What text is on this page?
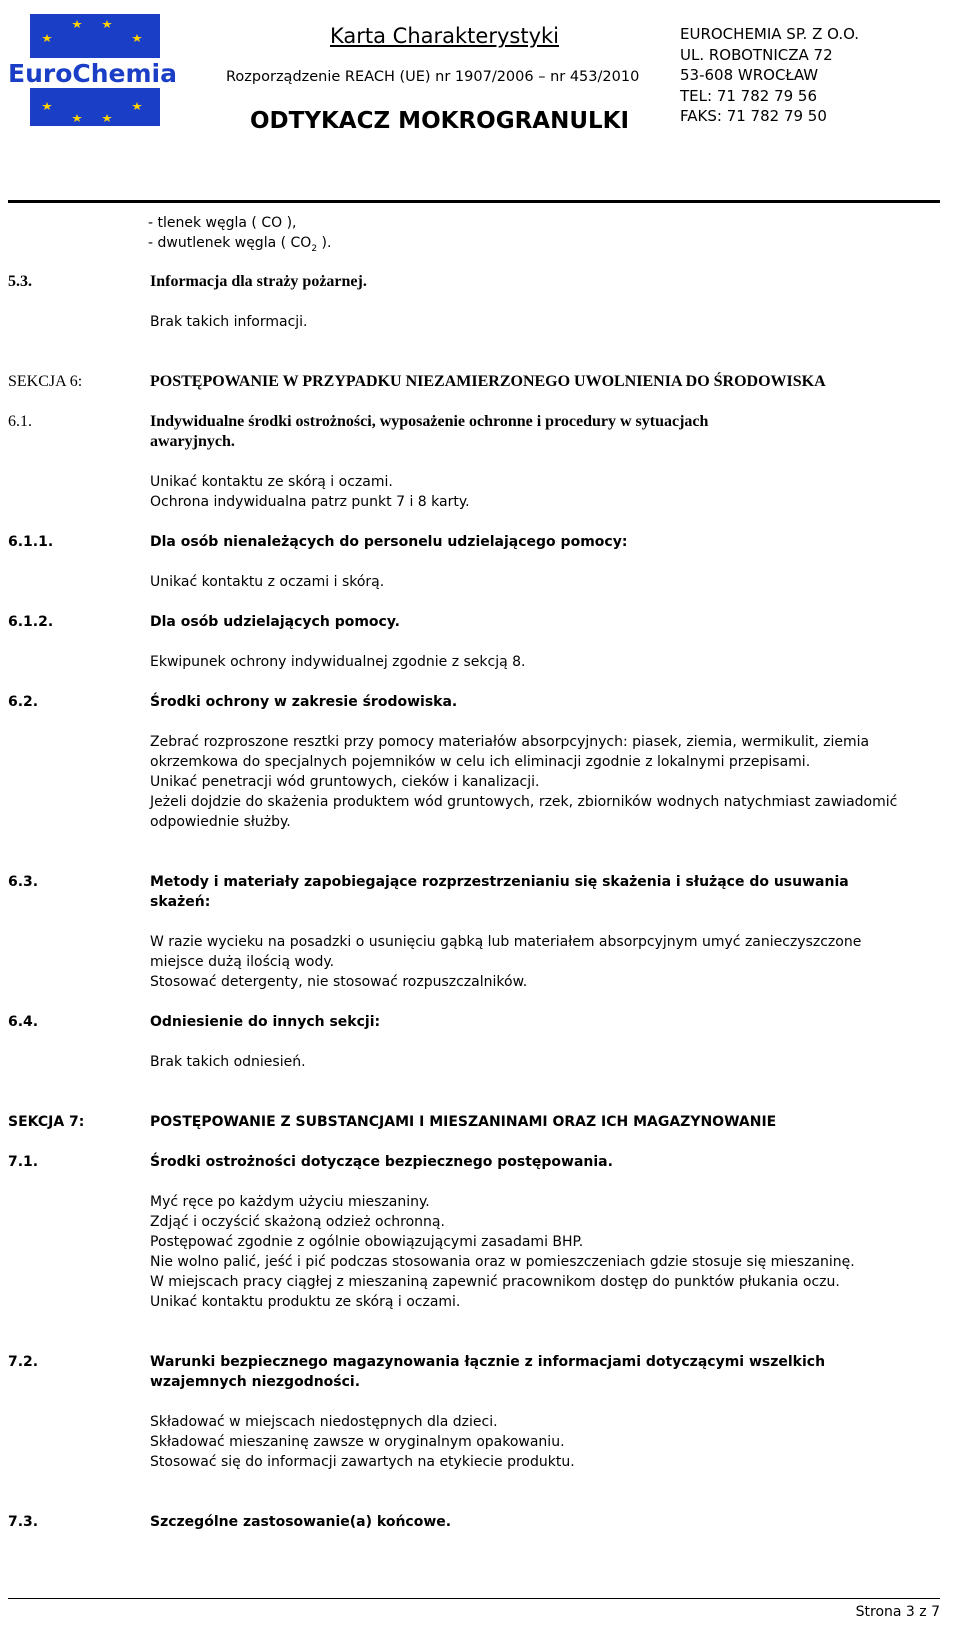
EuroChemia
Karta Charakterystyki
Rozporządzenie REACH (UE) nr 1907/2006 – nr 453/2010
ODTYKACZ MOKROGRANULKI
EUROCHEMIA SP. Z O.O.
UL. ROBOTNICZA 72
53-608 WROCŁAW
TEL: 71 782 79 56
FAKS: 71 782 79 50
- tlenek węgla ( CO ),
- dwutlenek węgla ( $CO_2$ ).
5.3.	Informacja dla straży pożarnej.
Brak takich informacji.
SEKCJA 6:	POSTĘPOWANIE W PRZYPADKU NIEZAMIERZONEGO UWOLNIENIA DO ŚRODOWISKA
6.1.	Indywidualne środki ostrożności, wyposażenie ochronne i procedury w sytuacjach
awaryjnych.
Unikać kontaktu ze skórą i oczami.
Ochrona indywidualna patrz punkt 7 i 8 karty.
6.1.1.	Dla osób nienależących do personelu udzielającego pomocy:
Unikać kontaktu z oczami i skórą.
6.1.2.	Dla osób udzielających pomocy.
Ekwipunek ochrony indywidualnej zgodnie z sekcją 8.
6.2.	Środki ochrony w zakresie środowiska.
Zebrać rozproszone resztki przy pomocy materiałów absorpcyjnych: piasek, ziemia, wermikulit, ziemia
okrzemkowa do specjalnych pojemników w celu ich eliminacji zgodnie z lokalnymi przepisami.
Unikać penetracji wód gruntowych, cieków i kanalizacji.
Jeżeli dojdzie do skażenia produktem wód gruntowych, rzek, zbiorników wodnych natychmiast zawiadomić
odpowiednie służby.
6.3.	Metody i materiały zapobiegające rozprzestrzenianiu się skażenia i służące do usuwania
skażeń:
W razie wycieku na posadzki o usunięciu gąbką lub materiałem absorpcyjnym umyć zanieczyszczone
miejsce dużą ilością wody.
Stosować detergenty, nie stosować rozpuszczalników.
6.4.	Odniesienie do innych sekcji:
Brak takich odniesień.
SEKCJA 7:	POSTĘPOWANIE Z SUBSTANCJAMI I MIESZANINAMI ORAZ ICH MAGAZYNOWANIE
7.1.	Środki ostrożności dotyczące bezpiecznego postępowania.
Myć ręce po każdym użyciu mieszaniny.
Zdjąć i oczyścić skażoną odzież ochronną.
Postępować zgodnie z ogólnie obowiązującymi zasadami BHP.
Nie wolno palić, jeść i pić podczas stosowania oraz w pomieszczeniach gdzie stosuje się mieszaninę.
W miejscach pracy ciągłej z mieszaniną zapewnić pracownikom dostęp do punktów płukania oczu.
Unikać kontaktu produktu ze skórą i oczami.
7.2.	Warunki bezpiecznego magazynowania łącznie z informacjami dotyczącymi wszelkich
wzajemnych niezgodności.
Składować w miejscach niedostępnych dla dzieci.
Składować mieszaninę zawsze w oryginalnym opakowaniu.
Stosować się do informacji zawartych na etykiecie produktu.
7.3.	Szczególne zastosowanie(a) końcowe.
Strona 3 z 7
